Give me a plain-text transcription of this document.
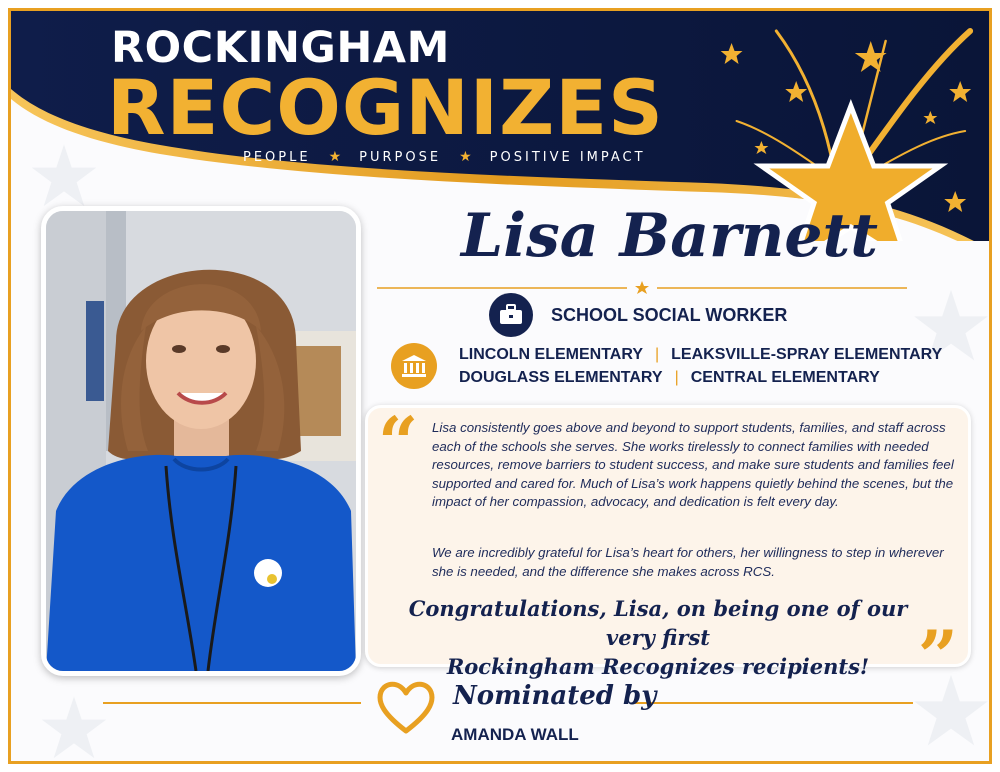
ROCKINGHAM
RECOGNIZES
PEOPLE ★ PURPOSE ★ POSITIVE IMPACT
Lisa Barnett
SCHOOL SOCIAL WORKER
LINCOLN ELEMENTARY | LEAKSVILLE-SPRAY ELEMENTARY
DOUGLASS ELEMENTARY | CENTRAL ELEMENTARY
“ Lisa consistently goes above and beyond to support students, families, and staff across each of the schools she serves. She works tirelessly to connect families with needed resources, remove barriers to student success, and make sure students and families feel supported and cared for. Much of Lisa’s work happens quietly behind the scenes, but the impact of her compassion, advocacy, and dedication is felt every day.

We are incredibly grateful for Lisa’s heart for others, her willingness to step in wherever she is needed, and the difference she makes across RCS.

Congratulations, Lisa, on being one of our very first
Rockingham Recognizes recipients! ”
Nominated by
AMANDA WALL
